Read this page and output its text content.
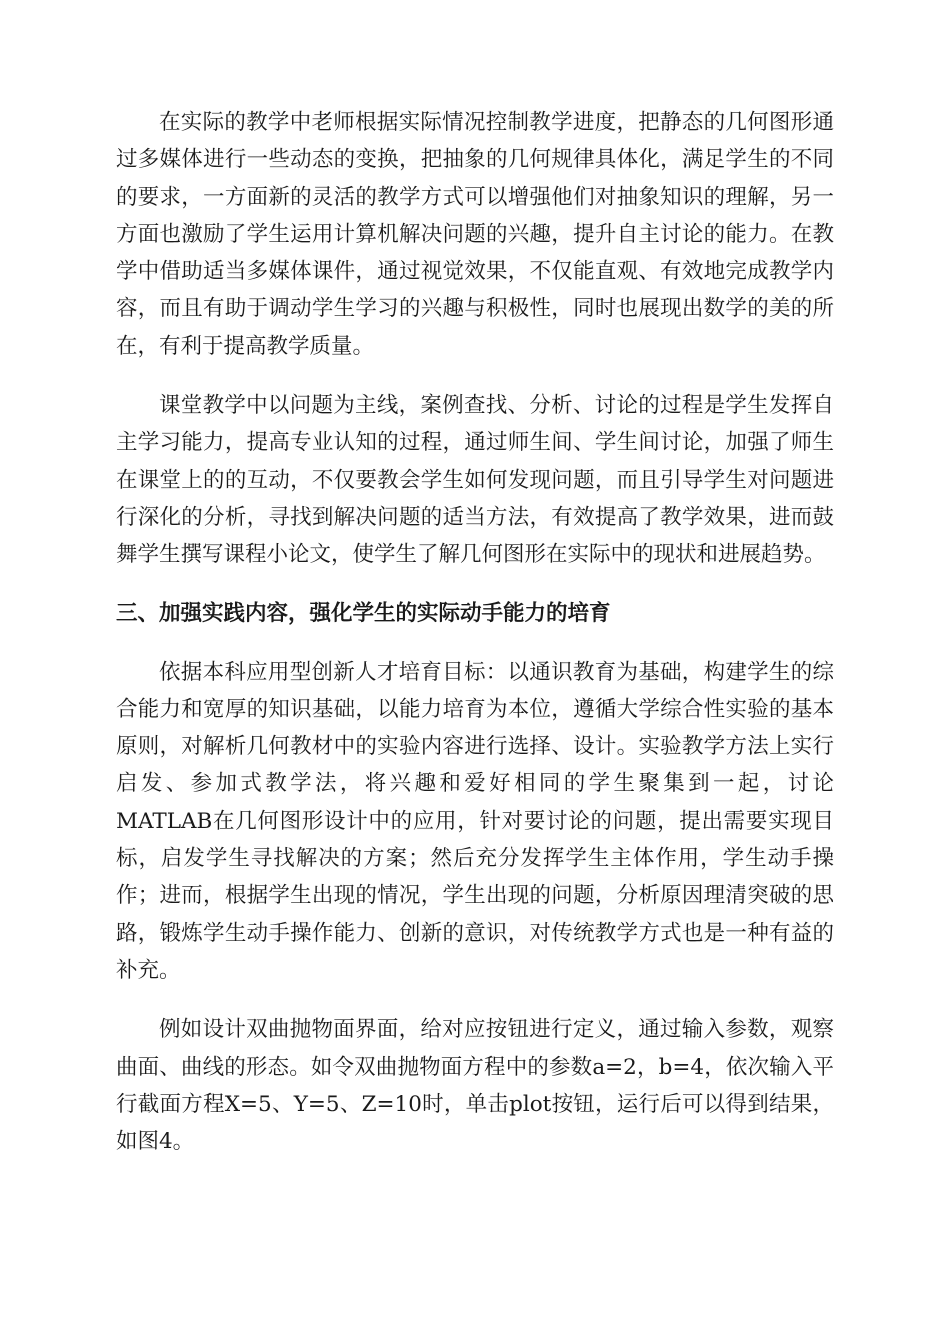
在实际的教学中老师根据实际情况控制教学进度，把静态的几何图形通过多媒体进行一些动态的变换，把抽象的几何规律具体化，满足学生的不同的要求，一方面新的灵活的教学方式可以增强他们对抽象知识的理解，另一方面也激励了学生运用计算机解决问题的兴趣，提升自主讨论的能力。在教学中借助适当多媒体课件，通过视觉效果，不仅能直观、有效地完成教学内容，而且有助于调动学生学习的兴趣与积极性，同时也展现出数学的美的所在，有利于提高教学质量。

课堂教学中以问题为主线，案例查找、分析、讨论的过程是学生发挥自主学习能力，提高专业认知的过程，通过师生间、学生间讨论，加强了师生在课堂上的的互动，不仅要教会学生如何发现问题，而且引导学生对问题进行深化的分析，寻找到解决问题的适当方法，有效提高了教学效果，进而鼓舞学生撰写课程小论文，使学生了解几何图形在实际中的现状和进展趋势。

三、加强实践内容，强化学生的实际动手能力的培育

依据本科应用型创新人才培育目标：以通识教育为基础，构建学生的综合能力和宽厚的知识基础，以能力培育为本位，遵循大学综合性实验的基本原则，对解析几何教材中的实验内容进行选择、设计。实验教学方法上实行启发、参加式教学法，将兴趣和爱好相同的学生聚集到一起，讨论MATLAB在几何图形设计中的应用，针对要讨论的问题，提出需要实现目标，启发学生寻找解决的方案；然后充分发挥学生主体作用，学生动手操作；进而，根据学生出现的情况，学生出现的问题，分析原因理清突破的思路，锻炼学生动手操作能力、创新的意识，对传统教学方式也是一种有益的补充。

例如设计双曲抛物面界面，给对应按钮进行定义，通过输入参数，观察曲面、曲线的形态。如令双曲抛物面方程中的参数a=2，b=4，依次输入平行截面方程X=5、Y=5、Z=10时，单击plot按钮，运行后可以得到结果，如图4。
